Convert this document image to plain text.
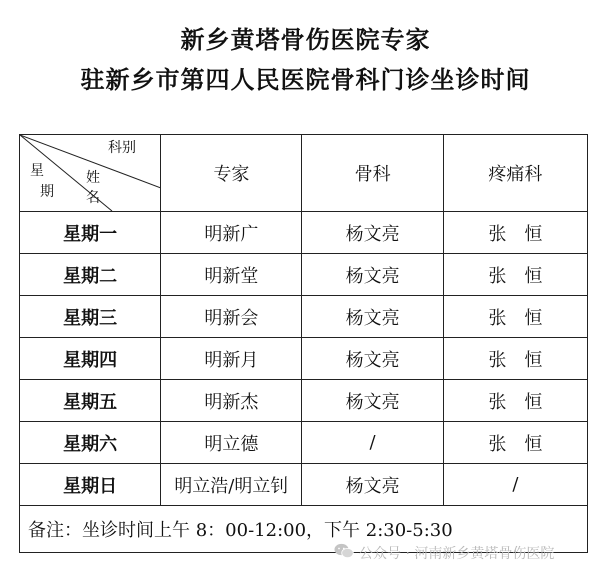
新乡黄塔骨伤医院专家
驻新乡市第四人民医院骨科门诊坐诊时间
科别
星
期
姓
名	专家	骨科	疼痛科
星期一	明新广	杨文亮	张恒
星期二	明新堂	杨文亮	张恒
星期三	明新会	杨文亮	张恒
星期四	明新月	杨文亮	张恒
星期五	明新杰	杨文亮	张恒
星期六	明立德	/	张恒
星期日	明立浩/明立钊	杨文亮	/
备注：坐诊时间上午 8：00-12:00，下午 2:30-5:30			
公众号 · 河南新乡黄塔骨伤医院
